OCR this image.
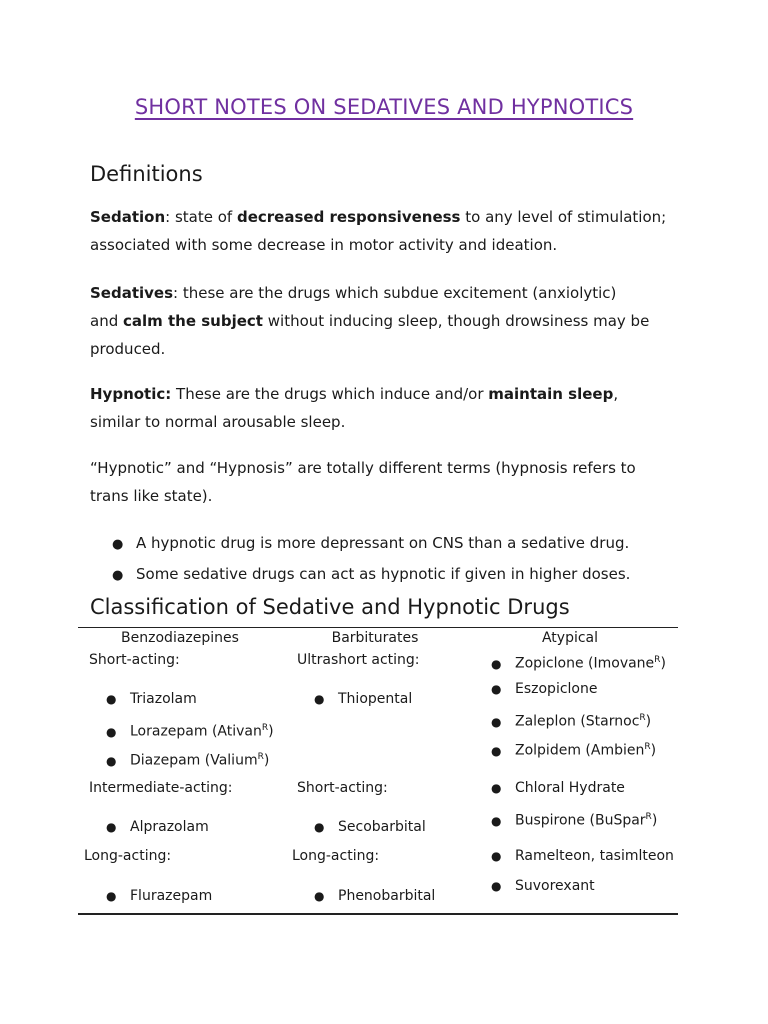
SHORT NOTES ON SEDATIVES AND HYPNOTICS
Definitions
Sedation: state of decreased responsiveness to any level of stimulation;
associated with some decrease in motor activity and ideation.
Sedatives: these are the drugs which subdue excitement (anxiolytic)
and calm the subject without inducing sleep, though drowsiness may be
produced.
Hypnotic: These are the drugs which induce and/or maintain sleep,
similar to normal arousable sleep.
“Hypnotic” and “Hypnosis” are totally different terms (hypnosis refers to
trans like state).
● A hypnotic drug is more depressant on CNS than a sedative drug.
● Some sedative drugs can act as hypnotic if given in higher doses.
Classification of Sedative and Hypnotic Drugs
Benzodiazepines	Barbiturates	Atypical
Short-acting:
● Triazolam
● Lorazepam (Ativan$^R$)
● Diazepam (Valium$^R$)
Intermediate-acting:
● Alprazolam
Long-acting:
● Flurazepam
Ultrashort acting:
● Thiopental
Short-acting:
● Secobarbital
Long-acting:
● Phenobarbital
● Zopiclone (Imovane$^R$)
● Eszopiclone
● Zaleplon (Starnoc$^R$)
● Zolpidem (Ambien$^R$)
● Chloral Hydrate
● Buspirone (BuSpar$^R$)
● Ramelteon, tasimlteon
● Suvorexant
